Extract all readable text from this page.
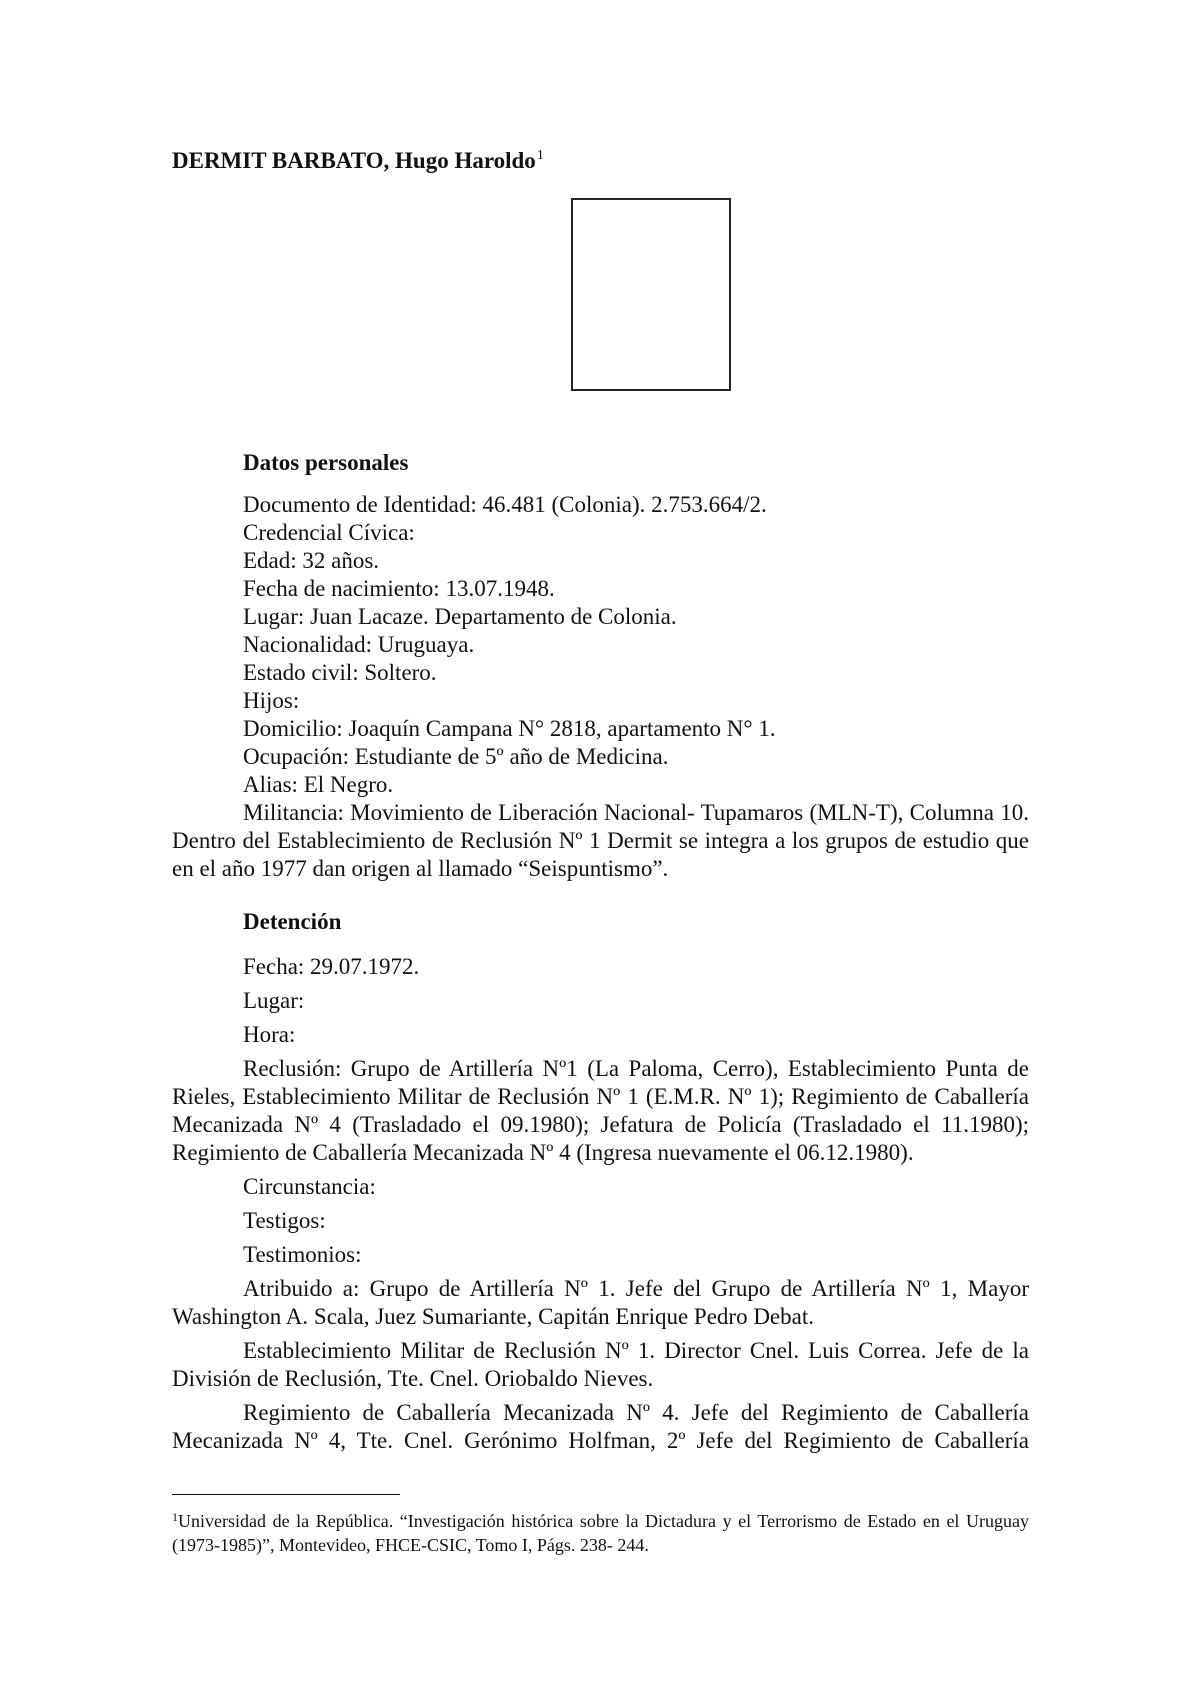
DERMIT BARBATO, Hugo Haroldo$^1$
Datos personales
Documento de Identidad: 46.481 (Colonia). 2.753.664/2.
Credencial Cívica:
Edad: 32 años.
Fecha de nacimiento: 13.07.1948.
Lugar: Juan Lacaze. Departamento de Colonia.
Nacionalidad: Uruguaya.
Estado civil: Soltero.
Hijos:
Domicilio: Joaquín Campana N° 2818, apartamento N° 1.
Ocupación: Estudiante de 5º año de Medicina.
Alias: El Negro.
Militancia: Movimiento de Liberación Nacional- Tupamaros (MLN-T), Columna 10. Dentro del Establecimiento de Reclusión Nº 1 Dermit se integra a los grupos de estudio que en el año 1977 dan origen al llamado “Seispuntismo”.
Detención
Fecha: 29.07.1972.
Lugar:
Hora:
Reclusión: Grupo de Artillería Nº1 (La Paloma, Cerro), Establecimiento Punta de Rieles, Establecimiento Militar de Reclusión Nº 1 (E.M.R. Nº 1); Regimiento de Caballería Mecanizada Nº 4 (Trasladado el 09.1980); Jefatura de Policía (Trasladado el 11.1980); Regimiento de Caballería Mecanizada Nº 4 (Ingresa nuevamente el 06.12.1980).
Circunstancia:
Testigos:
Testimonios:
Atribuido a: Grupo de Artillería Nº 1. Jefe del Grupo de Artillería Nº 1, Mayor Washington A. Scala, Juez Sumariante, Capitán Enrique Pedro Debat.
Establecimiento Militar de Reclusión Nº 1. Director Cnel. Luis Correa. Jefe de la División de Reclusión, Tte. Cnel. Oriobaldo Nieves.
Regimiento de Caballería Mecanizada Nº 4. Jefe del Regimiento de Caballería Mecanizada Nº 4, Tte. Cnel. Gerónimo Holfman, 2º Jefe del Regimiento de Caballería
$^1$Universidad de la República. “Investigación histórica sobre la Dictadura y el Terrorismo de Estado en el Uruguay (1973-1985)”, Montevideo, FHCE-CSIC, Tomo I, Págs. 238- 244.
